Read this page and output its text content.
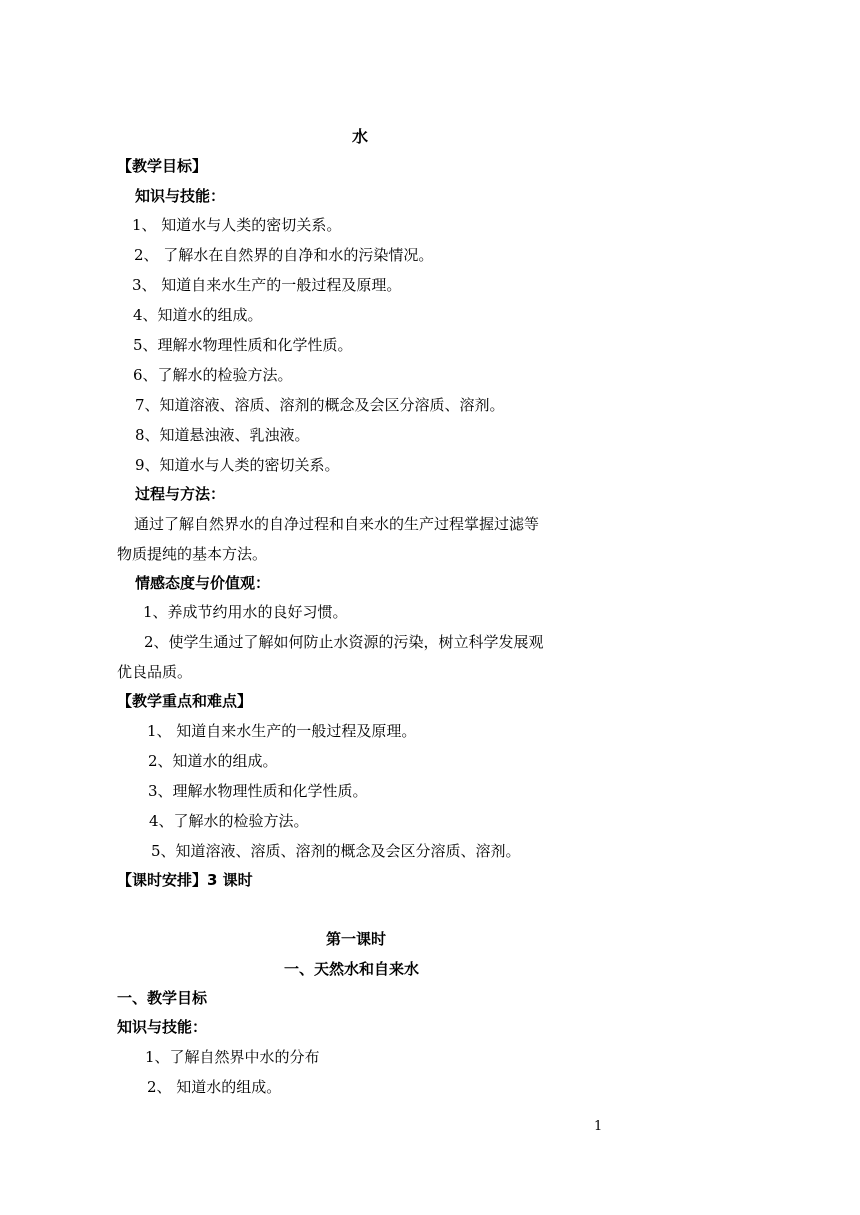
水
【教学目标】
知识与技能：
1、 知道水与人类的密切关系。
2、 了解水在自然界的自净和水的污染情况。
3、 知道自来水生产的一般过程及原理。
4、知道水的组成。
5、理解水物理性质和化学性质。
6、了解水的检验方法。
7、知道溶液、溶质、溶剂的概念及会区分溶质、溶剂。
8、知道悬浊液、乳浊液。
9、知道水与人类的密切关系。
过程与方法：
通过了解自然界水的自净过程和自来水的生产过程掌握过滤等
物质提纯的基本方法。
情感态度与价值观：
1、养成节约用水的良好习惯。
2、使学生通过了解如何防止水资源的污染，树立科学发展观
优良品质。
【教学重点和难点】
1、 知道自来水生产的一般过程及原理。
2、知道水的组成。
3、理解水物理性质和化学性质。
4、了解水的检验方法。
5、知道溶液、溶质、溶剂的概念及会区分溶质、溶剂。
【课时安排】3 课时
第一课时
一、天然水和自来水
一、教学目标
知识与技能：
1、了解自然界中水的分布
2、 知道水的组成。
1
